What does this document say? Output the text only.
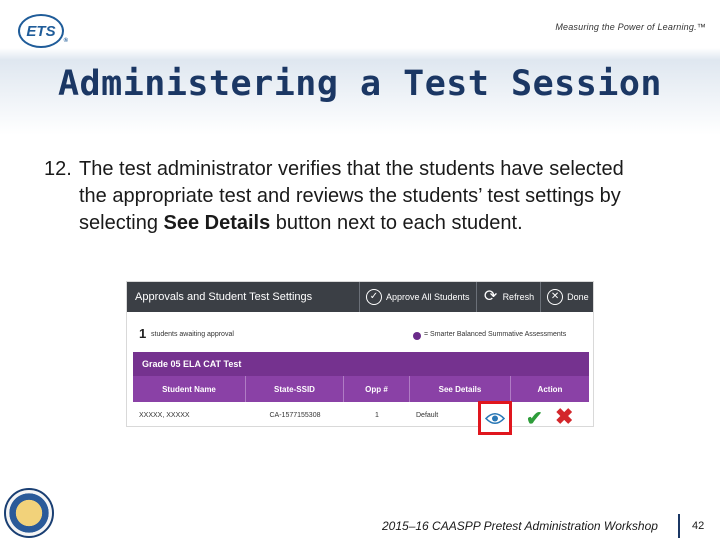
ETS
®
Measuring the Power of Learning.™
Administering a Test Session
12. The test administrator verifies that the students have selected
the appropriate test and reviews the students’ test settings by
selecting See Details button next to each student.
Approvals and Student Test Settings	✓ Approve All Students ⟳ Refresh	✕ Done
1 students awaiting approval	= Smarter Balanced Summative Assessments
Grade 05 ELA CAT Test
Student Name	State-SSID	Opp #	See Details	Action
XXXXX, XXXXX	CA-1577155308	1	Default	✔ ✖
2015–16 CAASPP Pretest Administration Workshop	42
